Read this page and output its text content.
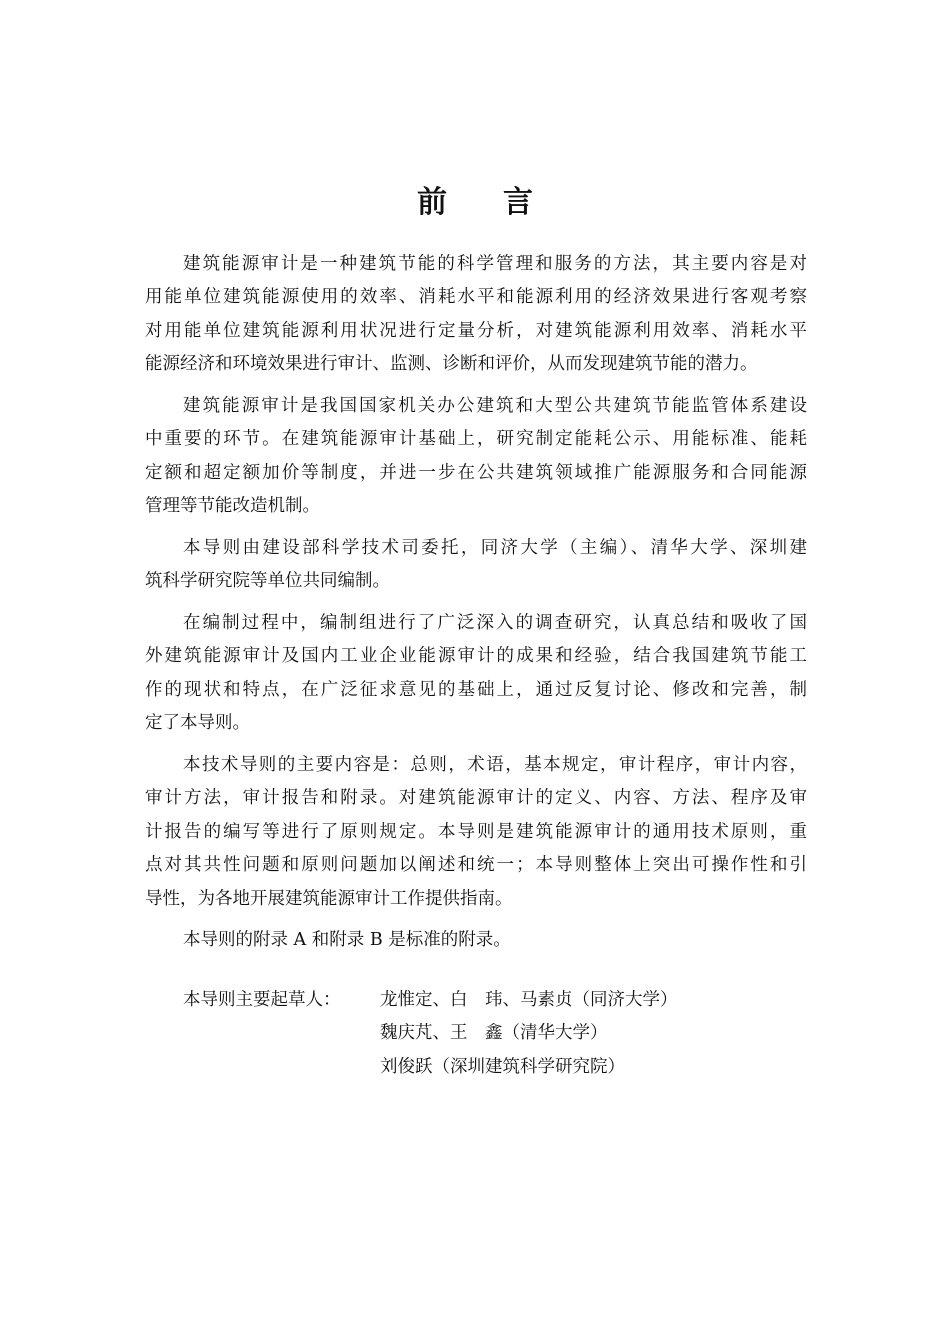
前言

建筑能源审计是一种建筑节能的科学管理和服务的方法，其主要内容是对
用能单位建筑能源使用的效率、消耗水平和能源利用的经济效果进行客观考察
对用能单位建筑能源利用状况进行定量分析，对建筑能源利用效率、消耗水平
能源经济和环境效果进行审计、监测、诊断和评价，从而发现建筑节能的潜力。

建筑能源审计是我国国家机关办公建筑和大型公共建筑节能监管体系建设
中重要的环节。在建筑能源审计基础上，研究制定能耗公示、用能标准、能耗
定额和超定额加价等制度，并进一步在公共建筑领域推广能源服务和合同能源
管理等节能改造机制。

本导则由建设部科学技术司委托，同济大学（主编）、清华大学、深圳建
筑科学研究院等单位共同编制。

在编制过程中，编制组进行了广泛深入的调查研究，认真总结和吸收了国
外建筑能源审计及国内工业企业能源审计的成果和经验，结合我国建筑节能工
作的现状和特点，在广泛征求意见的基础上，通过反复讨论、修改和完善，制
定了本导则。

本技术导则的主要内容是：总则，术语，基本规定，审计程序，审计内容，
审计方法，审计报告和附录。对建筑能源审计的定义、内容、方法、程序及审
计报告的编写等进行了原则规定。本导则是建筑能源审计的通用技术原则，重
点对其共性问题和原则问题加以阐述和统一；本导则整体上突出可操作性和引
导性，为各地开展建筑能源审计工作提供指南。

本导则的附录 A 和附录 B 是标准的附录。

本导则主要起草人： 龙惟定、白　玮、马素贞（同济大学）
魏庆芃、王　鑫（清华大学）
刘俊跃（深圳建筑科学研究院）
